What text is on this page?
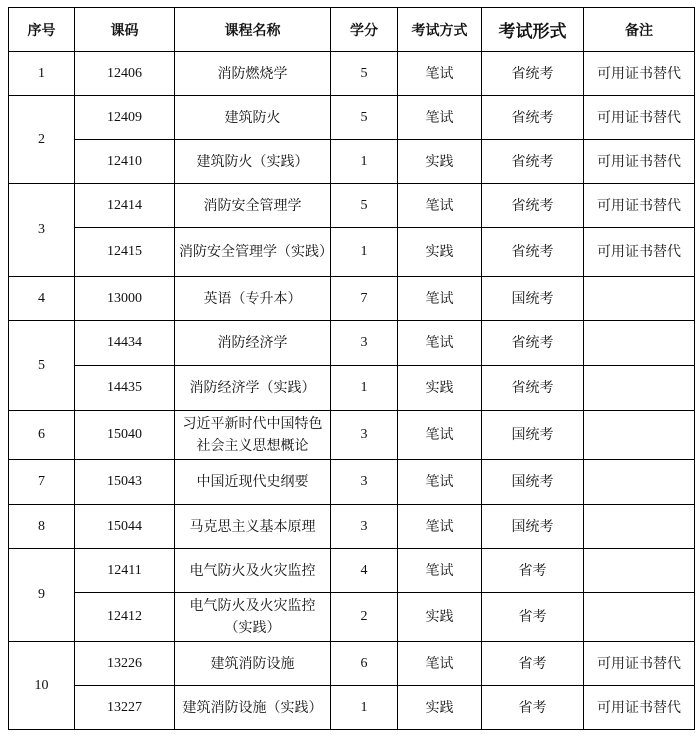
序号	课码	课程名称	学分	考试方式	考试形式	备注
1	12406	消防燃烧学	5	笔试	省统考	可用证书替代
2	12409	建筑防火	5	笔试	省统考	可用证书替代
	12410	建筑防火（实践）	1	实践	省统考	可用证书替代
3	12414	消防安全管理学	5	笔试	省统考	可用证书替代
	12415	消防安全管理学（实践）	1	实践	省统考	可用证书替代
4	13000	英语（专升本）	7	笔试	国统考	
5	14434	消防经济学	3	笔试	省统考	
	14435	消防经济学（实践）	1	实践	省统考	
6	15040	习近平新时代中国特色社会主义思想概论	3	笔试	国统考	
7	15043	中国近现代史纲要	3	笔试	国统考	
8	15044	马克思主义基本原理	3	笔试	国统考	
9	12411	电气防火及火灾监控	4	笔试	省考	
	12412	电气防火及火灾监控（实践）	2	实践	省考	
10	13226	建筑消防设施	6	笔试	省考	可用证书替代
	13227	建筑消防设施（实践）	1	实践	省考	可用证书替代
